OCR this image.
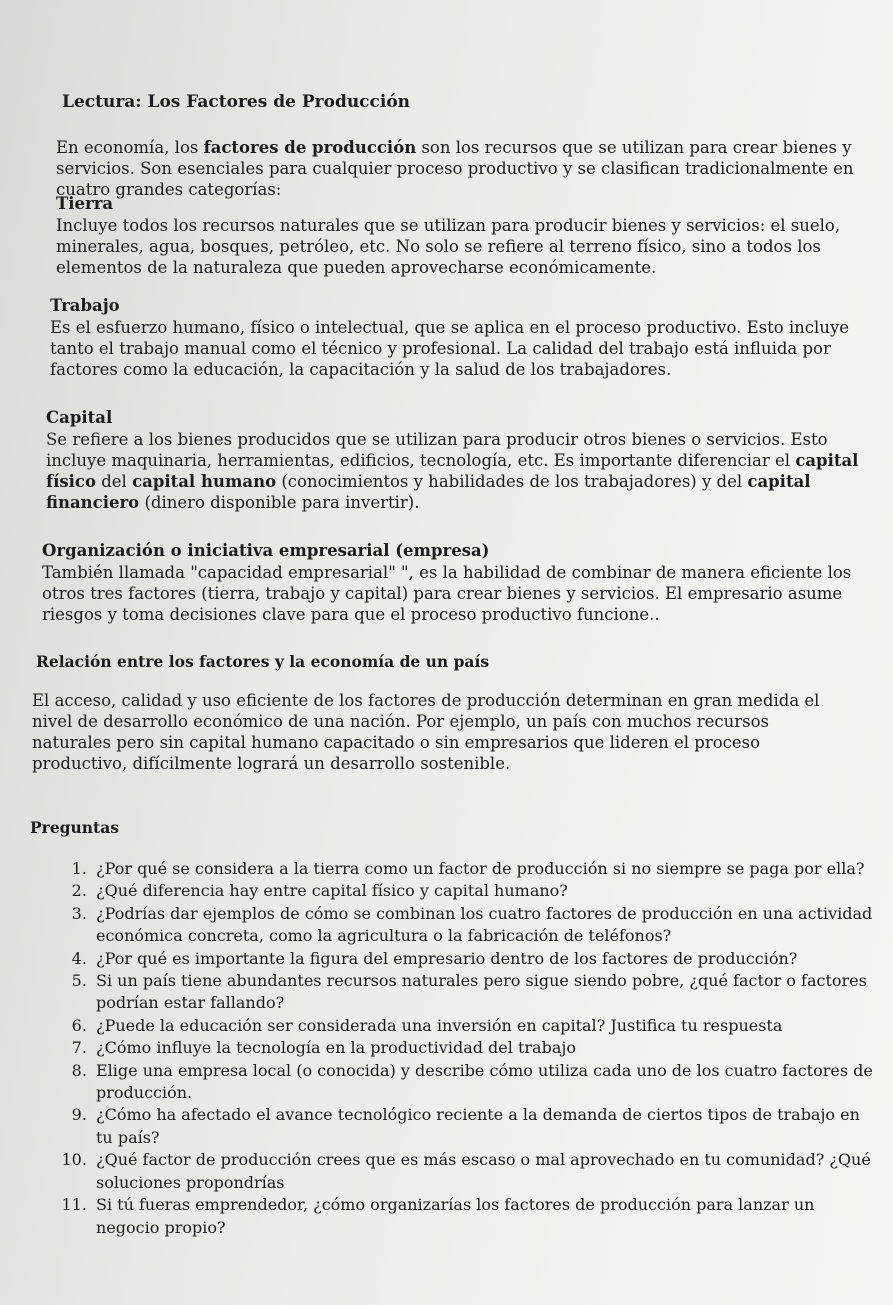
Lectura: Los Factores de Producción

En economía, los factores de producción son los recursos que se utilizan para crear bienes y servicios. Son esenciales para cualquier proceso productivo y se clasifican tradicionalmente en cuatro grandes categorías:

Tierra

Incluye todos los recursos naturales que se utilizan para producir bienes y servicios: el suelo, minerales, agua, bosques, petróleo, etc. No solo se refiere al terreno físico, sino a todos los elementos de la naturaleza que pueden aprovecharse económicamente.

Trabajo

Es el esfuerzo humano, físico o intelectual, que se aplica en el proceso productivo. Esto incluye tanto el trabajo manual como el técnico y profesional. La calidad del trabajo está influida por factores como la educación, la capacitación y la salud de los trabajadores.

Capital

Se refiere a los bienes producidos que se utilizan para producir otros bienes o servicios. Esto incluye maquinaria, herramientas, edificios, tecnología, etc. Es importante diferenciar el capital físico del capital humano (conocimientos y habilidades de los trabajadores) y del capital financiero (dinero disponible para invertir).

Organización o iniciativa empresarial (empresa)

También llamada "capacidad empresarial" ", es la habilidad de combinar de manera eficiente los otros tres factores (tierra, trabajo y capital) para crear bienes y servicios. El empresario asume riesgos y toma decisiones clave para que el proceso productivo funcione..

Relación entre los factores y la economía de un país

El acceso, calidad y uso eficiente de los factores de producción determinan en gran medida el nivel de desarrollo económico de una nación. Por ejemplo, un país con muchos recursos naturales pero sin capital humano capacitado o sin empresarios que lideren el proceso productivo, difícilmente logrará un desarrollo sostenible.

Preguntas
1. ¿Por qué se considera a la tierra como un factor de producción si no siempre se paga por ella?
2. ¿Qué diferencia hay entre capital físico y capital humano?
3. ¿Podrías dar ejemplos de cómo se combinan los cuatro factores de producción en una actividad económica concreta, como la agricultura o la fabricación de teléfonos?
4. ¿Por qué es importante la figura del empresario dentro de los factores de producción?
5. Si un país tiene abundantes recursos naturales pero sigue siendo pobre, ¿qué factor o factores podrían estar fallando?
6. ¿Puede la educación ser considerada una inversión en capital? Justifica tu respuesta
7. ¿Cómo influye la tecnología en la productividad del trabajo
8. Elige una empresa local (o conocida) y describe cómo utiliza cada uno de los cuatro factores de producción.
9. ¿Cómo ha afectado el avance tecnológico reciente a la demanda de ciertos tipos de trabajo en tu país?
10. ¿Qué factor de producción crees que es más escaso o mal aprovechado en tu comunidad? ¿Qué soluciones propondrías
11. Si tú fueras emprendedor, ¿cómo organizarías los factores de producción para lanzar un negocio propio?
